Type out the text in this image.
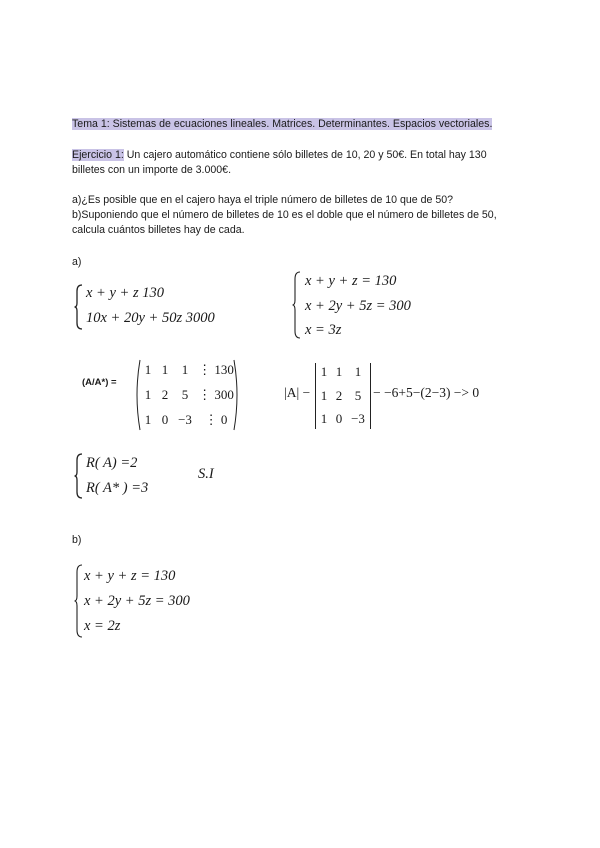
Tema 1: Sistemas de ecuaciones lineales. Matrices. Determinantes. Espacios vectoriales.
Ejercicio 1: Un cajero automático contiene sólo billetes de 10, 20 y 50€. En total hay 130
billetes con un importe de 3.000€.
a)¿Es posible que en el cajero haya el triple número de billetes de 10 que de 50?
b)Suponiendo que el número de billetes de 10 es el doble que el número de billetes de 50,
calcula cuántos billetes hay de cada.
a)
x + y + z 130
10x + 20y + 50z 3000
x + y + z = 130
x + 2y + 5z = 300
x = 3z
(A/A*) =
1 1	1 ⋮ 130
1 2	5 ⋮ 300
1 0 −3 ⋮ 0
|A| −
1 1 1
1 2 5
1 0 −3
− −6+5−(2−3) −> 0
R( A) =2
R( A* ) =3
S.I
b)
x + y + z = 130
x + 2y + 5z = 300
x = 2z
